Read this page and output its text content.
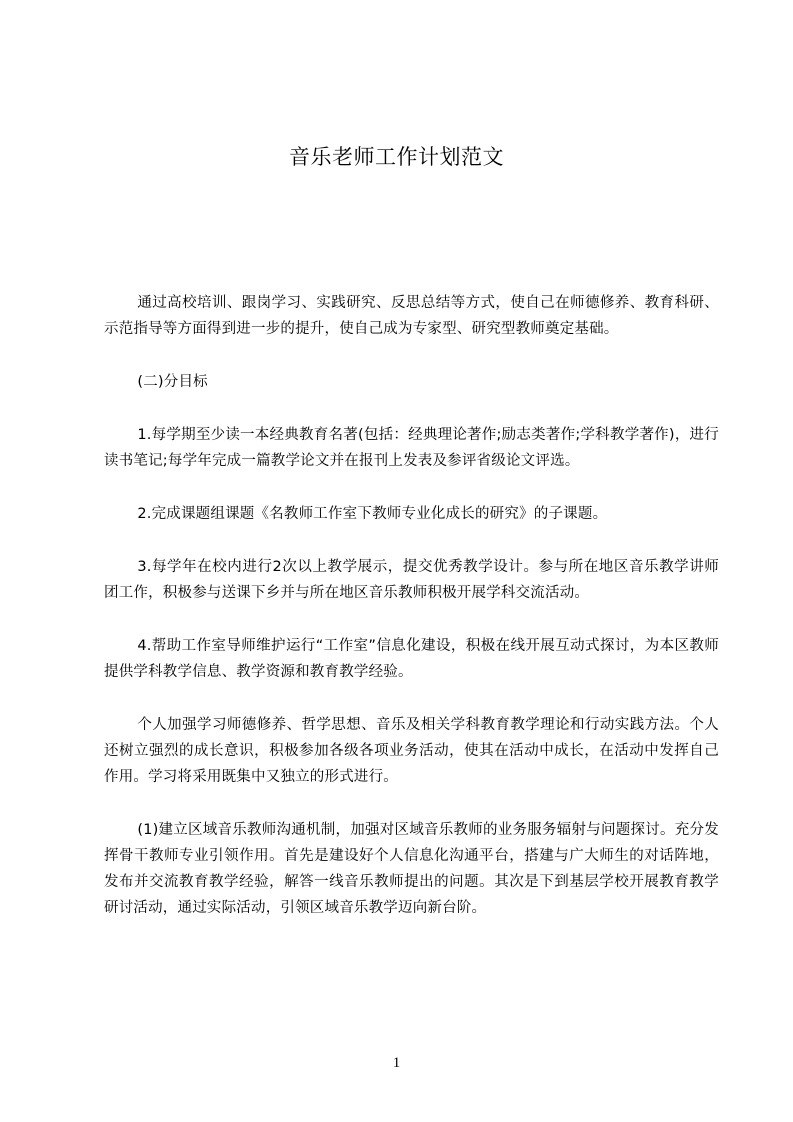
音乐老师工作计划范文

通过高校培训、跟岗学习、实践研究、反思总结等方式，使自己在师德修养、教育科研、示范指导等方面得到进一步的提升，使自己成为专家型、研究型教师奠定基础。

(二)分目标

1.每学期至少读一本经典教育名著(包括：经典理论著作;励志类著作;学科教学著作)，进行读书笔记;每学年完成一篇教学论文并在报刊上发表及参评省级论文评选。

2.完成课题组课题《名教师工作室下教师专业化成长的研究》的子课题。

3.每学年在校内进行2次以上教学展示，提交优秀教学设计。参与所在地区音乐教学讲师团工作，积极参与送课下乡并与所在地区音乐教师积极开展学科交流活动。

4.帮助工作室导师维护运行“工作室”信息化建设，积极在线开展互动式探讨，为本区教师提供学科教学信息、教学资源和教育教学经验。

个人加强学习师德修养、哲学思想、音乐及相关学科教育教学理论和行动实践方法。个人还树立强烈的成长意识，积极参加各级各项业务活动，使其在活动中成长，在活动中发挥自己作用。学习将采用既集中又独立的形式进行。

(1)建立区域音乐教师沟通机制，加强对区域音乐教师的业务服务辐射与问题探讨。充分发挥骨干教师专业引领作用。首先是建设好个人信息化沟通平台，搭建与广大师生的对话阵地，发布并交流教育教学经验，解答一线音乐教师提出的问题。其次是下到基层学校开展教育教学研讨活动，通过实际活动，引领区域音乐教学迈向新台阶。

1
